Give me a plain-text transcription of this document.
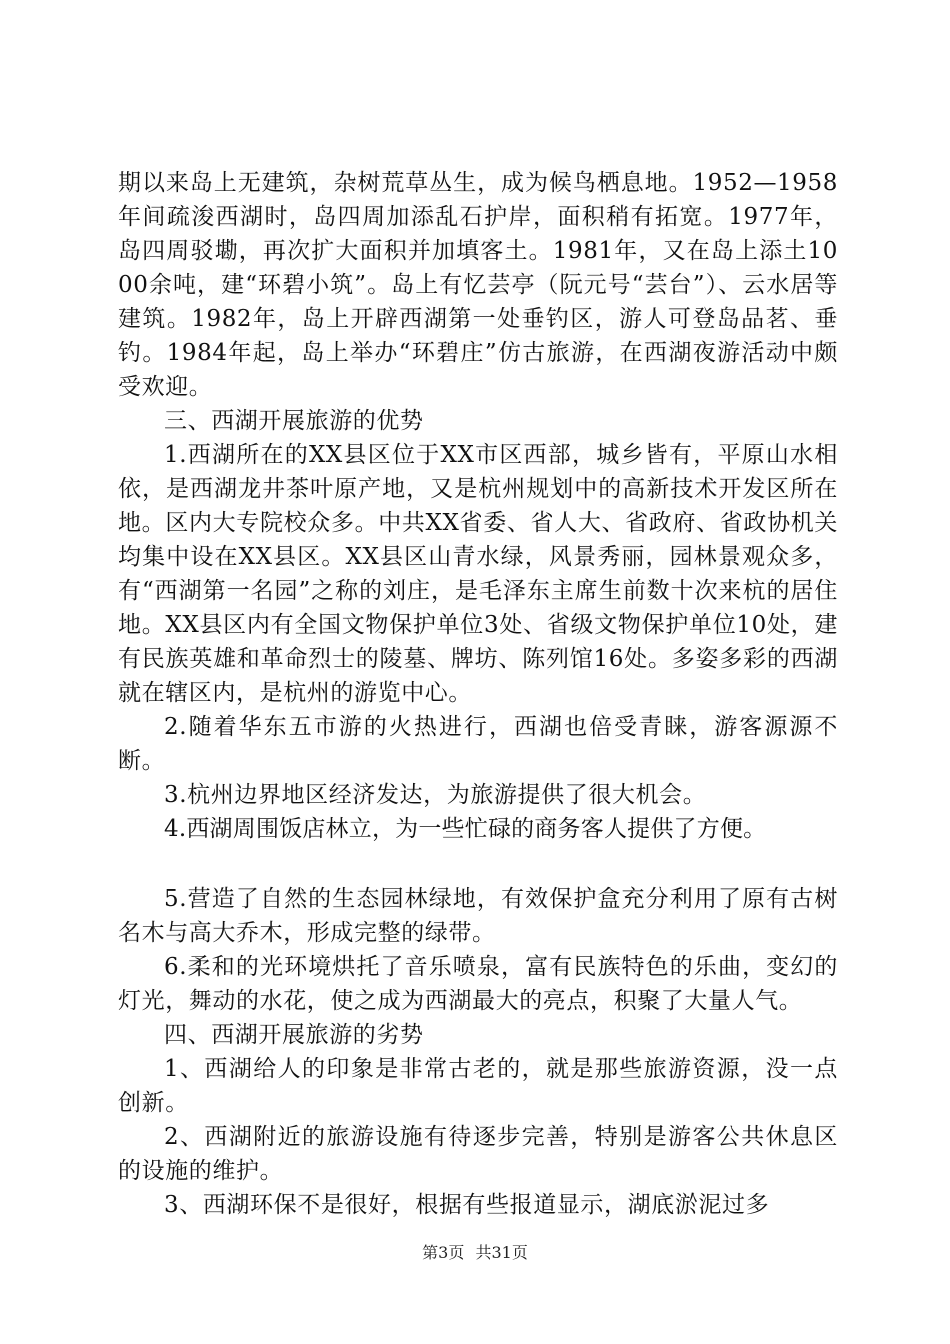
期以来岛上无建筑，杂树荒草丛生，成为候鸟栖息地。1952—1958年间疏浚西湖时，岛四周加添乱石护岸，面积稍有拓宽。1977年，岛四周驳墈，再次扩大面积并加填客土。1981年，又在岛上添土1000余吨，建“环碧小筑”。岛上有忆芸亭（阮元号“芸台”）、云水居等建筑。1982年，岛上开辟西湖第一处垂钓区，游人可登岛品茗、垂钓。1984年起，岛上举办“环碧庄”仿古旅游，在西湖夜游活动中颇受欢迎。

三、西湖开展旅游的优势

1.西湖所在的XX县区位于XX市区西部，城乡皆有，平原山水相依，是西湖龙井茶叶原产地，又是杭州规划中的高新技术开发区所在地。区内大专院校众多。中共XX省委、省人大、省政府、省政协机关均集中设在XX县区。XX县区山青水绿，风景秀丽，园林景观众多，有“西湖第一名园”之称的刘庄，是毛泽东主席生前数十次来杭的居住地。XX县区内有全国文物保护单位3处、省级文物保护单位10处，建有民族英雄和革命烈士的陵墓、牌坊、陈列馆16处。多姿多彩的西湖就在辖区内，是杭州的游览中心。

2.随着华东五市游的火热进行，西湖也倍受青睐，游客源源不断。

3.杭州边界地区经济发达，为旅游提供了很大机会。

4.西湖周围饭店林立，为一些忙碌的商务客人提供了方便。

5.营造了自然的生态园林绿地，有效保护盒充分利用了原有古树名木与高大乔木，形成完整的绿带。

6.柔和的光环境烘托了音乐喷泉，富有民族特色的乐曲，变幻的灯光，舞动的水花，使之成为西湖最大的亮点，积聚了大量人气。

四、西湖开展旅游的劣势

1、西湖给人的印象是非常古老的，就是那些旅游资源，没一点创新。

2、西湖附近的旅游设施有待逐步完善，特别是游客公共休息区的设施的维护。

3、西湖环保不是很好，根据有些报道显示，湖底淤泥过多

第3页 共31页
